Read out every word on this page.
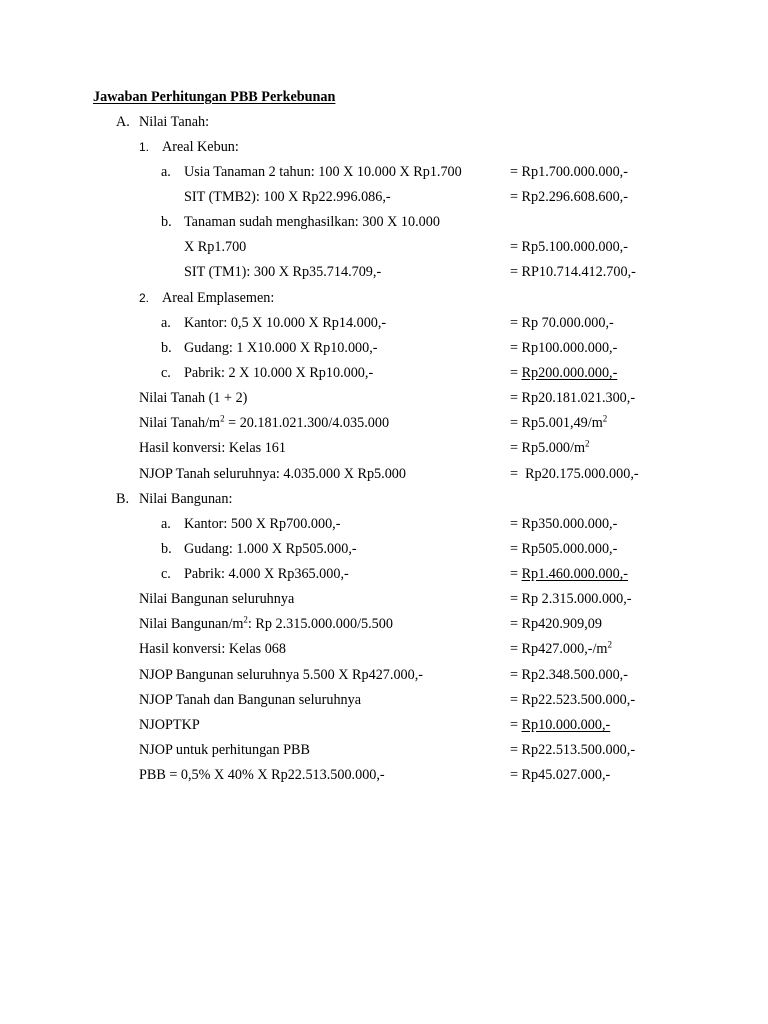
Jawaban Perhitungan PBB Perkebunan
A. Nilai Tanah:
1. Areal Kebun:
a. Usia Tanaman 2 tahun: 100 X 10.000 X Rp1.700	= Rp1.700.000.000,-
SIT (TMB2): 100 X Rp22.996.086,-	= Rp2.296.608.600,-
b. Tanaman sudah menghasilkan: 300 X 10.000
X Rp1.700	= Rp5.100.000.000,-
SIT (TM1): 300 X Rp35.714.709,-	= RP10.714.412.700,-
2. Areal Emplasemen:
a. Kantor: 0,5 X 10.000 X Rp14.000,-	= Rp 70.000.000,-
b. Gudang: 1 X10.000 X Rp10.000,-	= Rp100.000.000,-
c. Pabrik: 2 X 10.000 X Rp10.000,-	= Rp200.000.000,-
Nilai Tanah (1 + 2)	= Rp20.181.021.300,-
Nilai Tanah/$m^2 = 20.181.021.300/4.035.000$	= $Rp5.001,49/m^2$
Hasil konversi: Kelas 161	= $Rp5.000/m^2$
NJOP Tanah seluruhnya: 4.035.000 X Rp5.000	=  Rp20.175.000.000,-
B. Nilai Bangunan:
a. Kantor: 500 X Rp700.000,-	= Rp350.000.000,-
b. Gudang: 1.000 X Rp505.000,-	= Rp505.000.000,-
c. Pabrik: 4.000 X Rp365.000,-	= Rp1.460.000.000,-
Nilai Bangunan seluruhnya	= Rp 2.315.000.000,-
Nilai Bangunan/$m^2$: Rp 2.315.000.000/5.500	= Rp420.909,09
Hasil konversi: Kelas 068	= $Rp427.000,-/m^2$
NJOP Bangunan seluruhnya 5.500 X Rp427.000,-	= Rp2.348.500.000,-
NJOP Tanah dan Bangunan seluruhnya	= Rp22.523.500.000,-
NJOPTKP	= Rp10.000.000,-
NJOP untuk perhitungan PBB	= Rp22.513.500.000,-
PBB = 0,5% X 40% X Rp22.513.500.000,-	= Rp45.027.000,-
